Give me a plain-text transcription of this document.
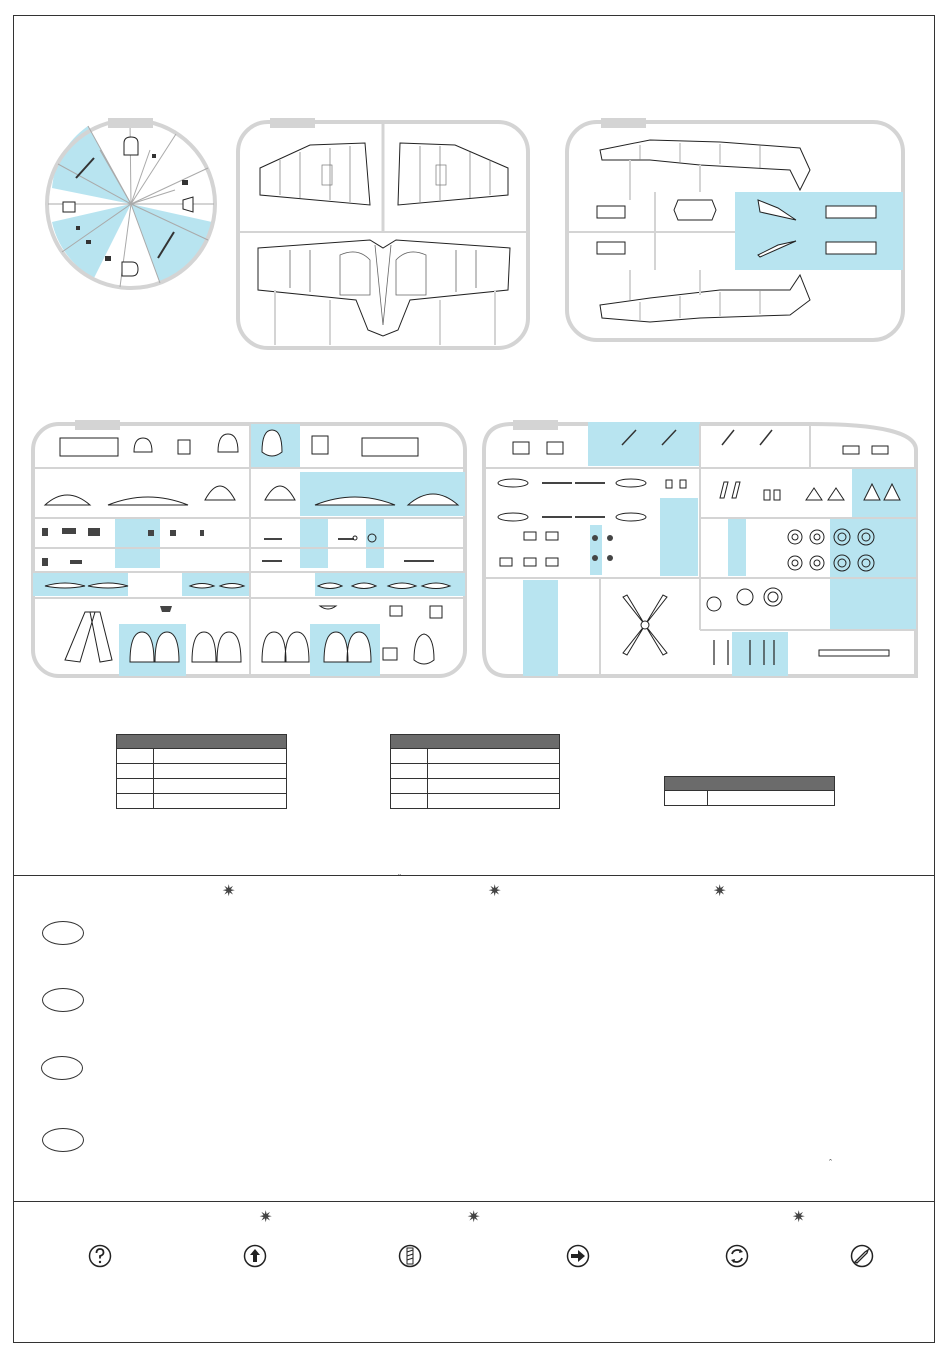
✷	✷	✷
ˇ
ˆ
✷	✷	✷
